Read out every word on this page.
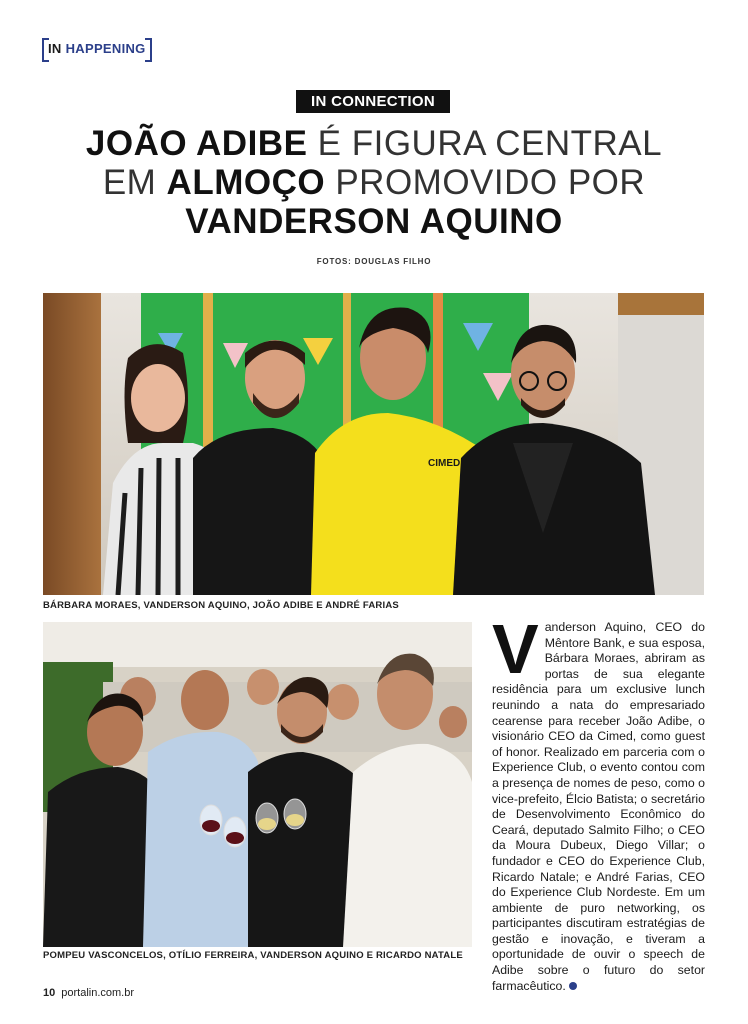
IN HAPPENING
IN CONNECTION
JOÃO ADIBE É FIGURA CENTRAL
EM ALMOÇO PROMOVIDO POR
VANDERSON AQUINO
FOTOS: DOUGLAS FILHO
CIMED
BÁRBARA MORAES, VANDERSON AQUINO, JOÃO ADIBE E ANDRÉ FARIAS
POMPEU VASCONCELOS, OTÍLIO FERREIRA, VANDERSON AQUINO E RICARDO NATALE
Vanderson Aquino, CEO do Mêntore Bank, e sua esposa, Bárbara Moraes, abriram as portas de sua elegante residência para um exclusive lunch reunindo a nata do empresariado cearense para receber João Adibe, o visionário CEO da Cimed, como guest of honor. Realizado em parceria com o Experience Club, o evento contou com a presença de nomes de peso, como o vice-prefeito, Élcio Batista; o secretário de Desenvolvimento Econômico do Ceará, deputado Salmito Filho; o CEO da Moura Dubeux, Diego Villar; o fundador e CEO do Experience Club, Ricardo Natale; e André Farias, CEO do Experience Club Nordeste. Em um ambiente de puro networking, os participantes discutiram estratégias de gestão e inovação, e tiveram a oportunidade de ouvir o speech de Adibe sobre o futuro do setor farmacêutico.
10 portalin.com.br
